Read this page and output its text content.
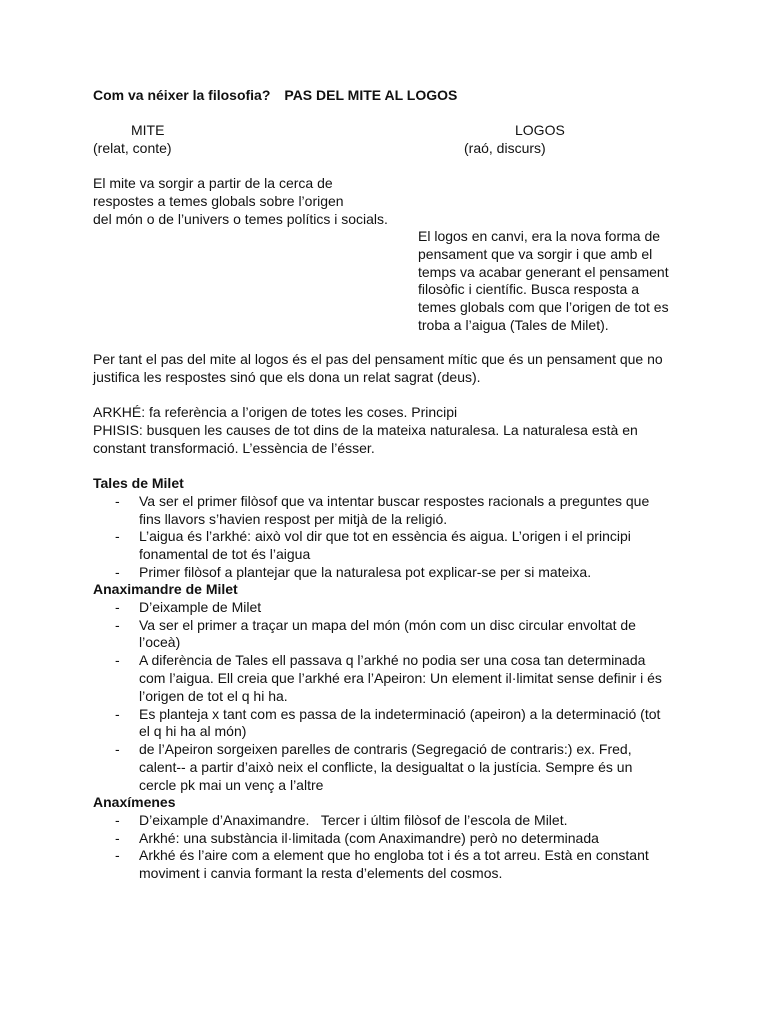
Com va néixer la filosofia? PAS DEL MITE AL LOGOS
MITE	LOGOS
(relat, conte)	(raó, discurs)
El mite va sorgir a partir de la cerca de
respostes a temes globals sobre l’origen
del món o de l’univers o temes polítics i socials.
El logos en canvi, era la nova forma de
pensament que va sorgir i que amb el
temps va acabar generant el pensament
filosòfic i científic. Busca resposta a
temes globals com que l’origen de tot es
troba a l’aigua (Tales de Milet).
Per tant el pas del mite al logos és el pas del pensament mític que és un pensament que no
justifica les respostes sinó que els dona un relat sagrat (deus).
ARKHÉ: fa referència a l’origen de totes les coses. Principi
PHISIS: busquen les causes de tot dins de la mateixa naturalesa. La naturalesa està en
constant transformació. L’essència de l’ésser.
Tales de Milet
- Va ser el primer filòsof que va intentar buscar respostes racionals a preguntes que
fins llavors s’havien respost per mitjà de la religió.
- L’aigua és l’arkhé: això vol dir que tot en essència és aigua. L’origen i el principi
fonamental de tot és l’aigua
- Primer filòsof a plantejar que la naturalesa pot explicar-se per si mateixa.
Anaximandre de Milet
- D’eixample de Milet
- Va ser el primer a traçar un mapa del món (món com un disc circular envoltat de
l’oceà)
- A diferència de Tales ell passava q l’arkhé no podia ser una cosa tan determinada
com l’aigua. Ell creia que l’arkhé era l’Apeiron: Un element il·limitat sense definir i és
l’origen de tot el q hi ha.
- Es planteja x tant com es passa de la indeterminació (apeiron) a la determinació (tot
el q hi ha al món)
- de l’Apeiron sorgeixen parelles de contraris (Segregació de contraris:) ex. Fred,
calent-- a partir d’això neix el conflicte, la desigualtat o la justícia. Sempre és un
cercle pk mai un venç a l’altre
Anaxímenes
- D’eixample d’Anaximandre.   Tercer i últim filòsof de l’escola de Milet.
- Arkhé: una substància il·limitada (com Anaximandre) però no determinada
- Arkhé és l’aire com a element que ho engloba tot i és a tot arreu. Està en constant
moviment i canvia formant la resta d’elements del cosmos.
